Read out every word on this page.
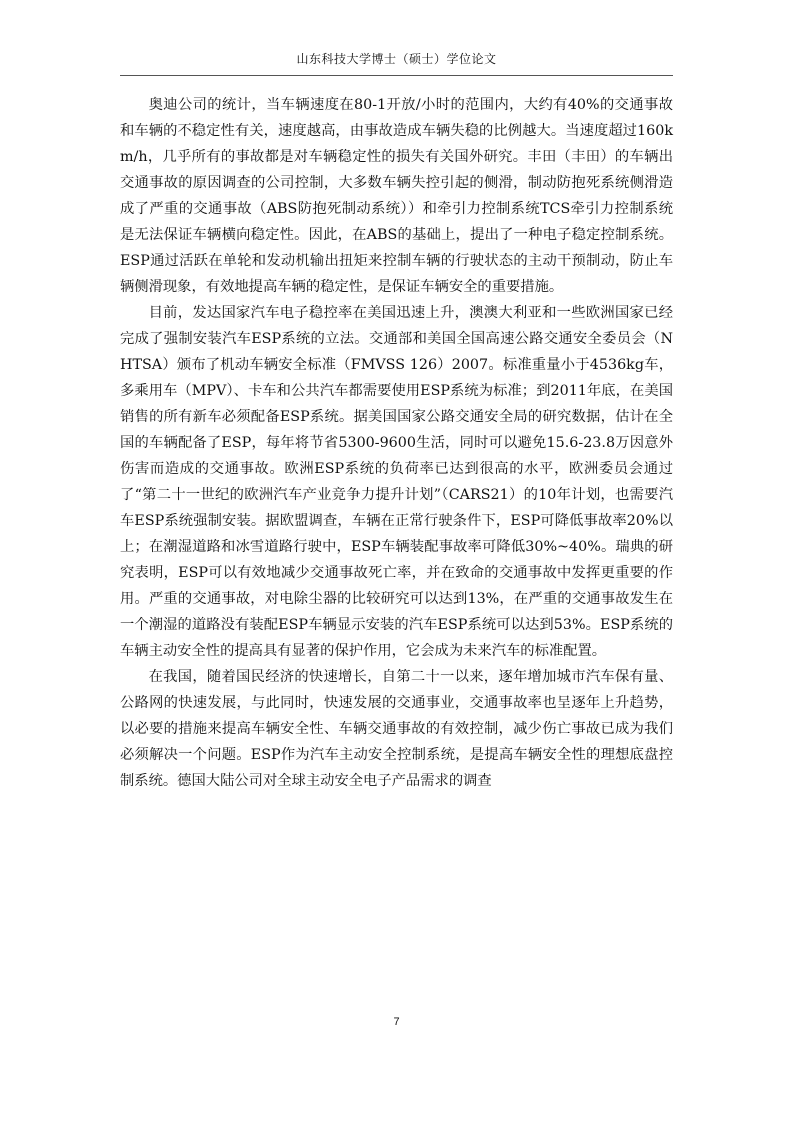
山东科技大学博士（硕士）学位论文

奥迪公司的统计，当车辆速度在80-1开放/小时的范围内，大约有40%的交通事故和车辆的不稳定性有关，速度越高，由事故造成车辆失稳的比例越大。当速度超过160km/h，几乎所有的事故都是对车辆稳定性的损失有关国外研究。丰田（丰田）的车辆出交通事故的原因调查的公司控制，大多数车辆失控引起的侧滑，制动防抱死系统侧滑造成了严重的交通事故（ABS防抱死制动系统））和牵引力控制系统TCS牵引力控制系统是无法保证车辆横向稳定性。因此，在ABS的基础上，提出了一种电子稳定控制系统。ESP通过活跃在单轮和发动机输出扭矩来控制车辆的行驶状态的主动干预制动，防止车辆侧滑现象，有效地提高车辆的稳定性，是保证车辆安全的重要措施。

目前，发达国家汽车电子稳控率在美国迅速上升，澳澳大利亚和一些欧洲国家已经完成了强制安装汽车ESP系统的立法。交通部和美国全国高速公路交通安全委员会（NHTSA）颁布了机动车辆安全标准（FMVSS 126）2007。标准重量小于4536kg车，多乘用车（MPV）、卡车和公共汽车都需要使用ESP系统为标准；到2011年底，在美国销售的所有新车必须配备ESP系统。据美国国家公路交通安全局的研究数据，估计在全国的车辆配备了ESP，每年将节省5300-9600生活，同时可以避免15.6-23.8万因意外伤害而造成的交通事故。欧洲ESP系统的负荷率已达到很高的水平，欧洲委员会通过了“第二十一世纪的欧洲汽车产业竞争力提升计划”（CARS21）的10年计划，也需要汽车ESP系统强制安装。据欧盟调查，车辆在正常行驶条件下，ESP可降低事故率20%以上；在潮湿道路和冰雪道路行驶中，ESP车辆装配事故率可降低30%~40%。瑞典的研究表明，ESP可以有效地减少交通事故死亡率，并在致命的交通事故中发挥更重要的作用。严重的交通事故，对电除尘器的比较研究可以达到13%，在严重的交通事故发生在一个潮湿的道路没有装配ESP车辆显示安装的汽车ESP系统可以达到53%。ESP系统的车辆主动安全性的提高具有显著的保护作用，它会成为未来汽车的标准配置。

在我国，随着国民经济的快速增长，自第二十一以来，逐年增加城市汽车保有量、公路网的快速发展，与此同时，快速发展的交通事业，交通事故率也呈逐年上升趋势，以必要的措施来提高车辆安全性、车辆交通事故的有效控制，减少伤亡事故已成为我们必须解决一个问题。ESP作为汽车主动安全控制系统，是提高车辆安全性的理想底盘控制系统。德国大陆公司对全球主动安全电子产品需求的调查

7
